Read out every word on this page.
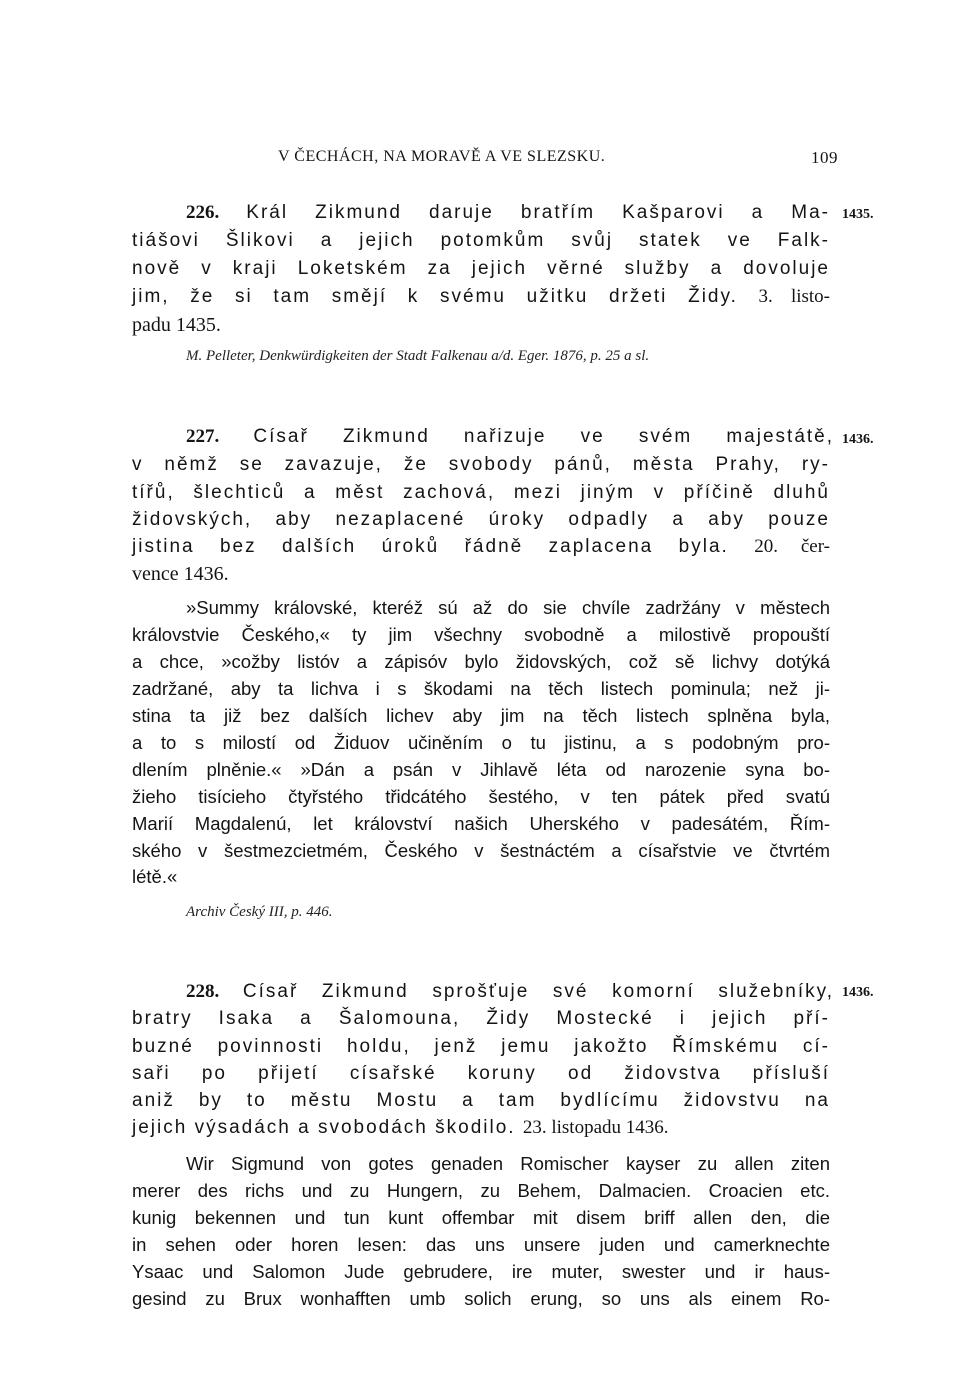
V ČECHÁCH, NA MORAVĚ A VE SLEZSKU.	109

226. Král Zikmund daruje bratřím Kašparovi a Ma- 1435.

tiášovi Šlikovi a jejich potomkům svůj statek ve Falk-

nově v kraji Loketském za jejich věrné služby a dovoluje

jim, že si tam smějí k svému užitku držeti Židy. 3. listo-

padu 1435.

M. Pelleter, Denkwürdigkeiten der Stadt Falkenau a/d. Eger. 1876, p. 25 a sl.

227. Císař Zikmund nařizuje ve svém majestátě, 1436.

v němž se zavazuje, že svobody pánů, města Prahy, ry-

tířů, šlechticů a měst zachová, mezi jiným v příčině dluhů

židovských, aby nezaplacené úroky odpadly a aby pouze

jistina bez dalších úroků řádně zaplacena byla. 20. čer-

vence 1436.

»Summy královské, kteréž sú až do sie chvíle zadržány v městech

královstvie Českého,« ty jim všechny svobodně a milostivě propouští

a chce, »cožby listóv a zápisóv bylo židovských, což sě lichvy dotýká

zadržané, aby ta lichva i s škodami na těch listech pominula; než ji-

stina ta již bez dalších lichev aby jim na těch listech splněna byla,

a to s milostí od Židuov učiněním o tu jistinu, a s podobným pro-

dlením plněnie.« »Dán a psán v Jihlavě léta od narozenie syna bo-

žieho tisícieho čtyřstého třidcátého šestého, v ten pátek před svatú

Marií Magdalenú, let království našich Uherského v padesátém, Řím-

ského v šestmezcietmém, Českého v šestnáctém a císařstvie ve čtvrtém

létě.«

Archiv Český III, p. 446.

228. Císař Zikmund sprošťuje své komorní služebníky, 1436.

bratry Isaka a Šalomouna, Židy Mostecké i jejich pří-

buzné povinnosti holdu, jenž jemu jakožto Římskému cí-

saři po přijetí císařské koruny od židovstva přísluší

aniž by to městu Mostu a tam bydlícímu židovstvu na

jejich výsadách a svobodách škodilo. 23. listopadu 1436.

Wir Sigmund von gotes genaden Romischer kayser zu allen ziten

merer des richs und zu Hungern, zu Behem, Dalmacien. Croacien etc.

kunig bekennen und tun kunt offembar mit disem briff allen den, die

in sehen oder horen lesen: das uns unsere juden und camerknechte

Ysaac und Salomon Jude gebrudere, ire muter, swester und ir haus-

gesind zu Brux wonhafften umb solich erung, so uns als einem Ro-
